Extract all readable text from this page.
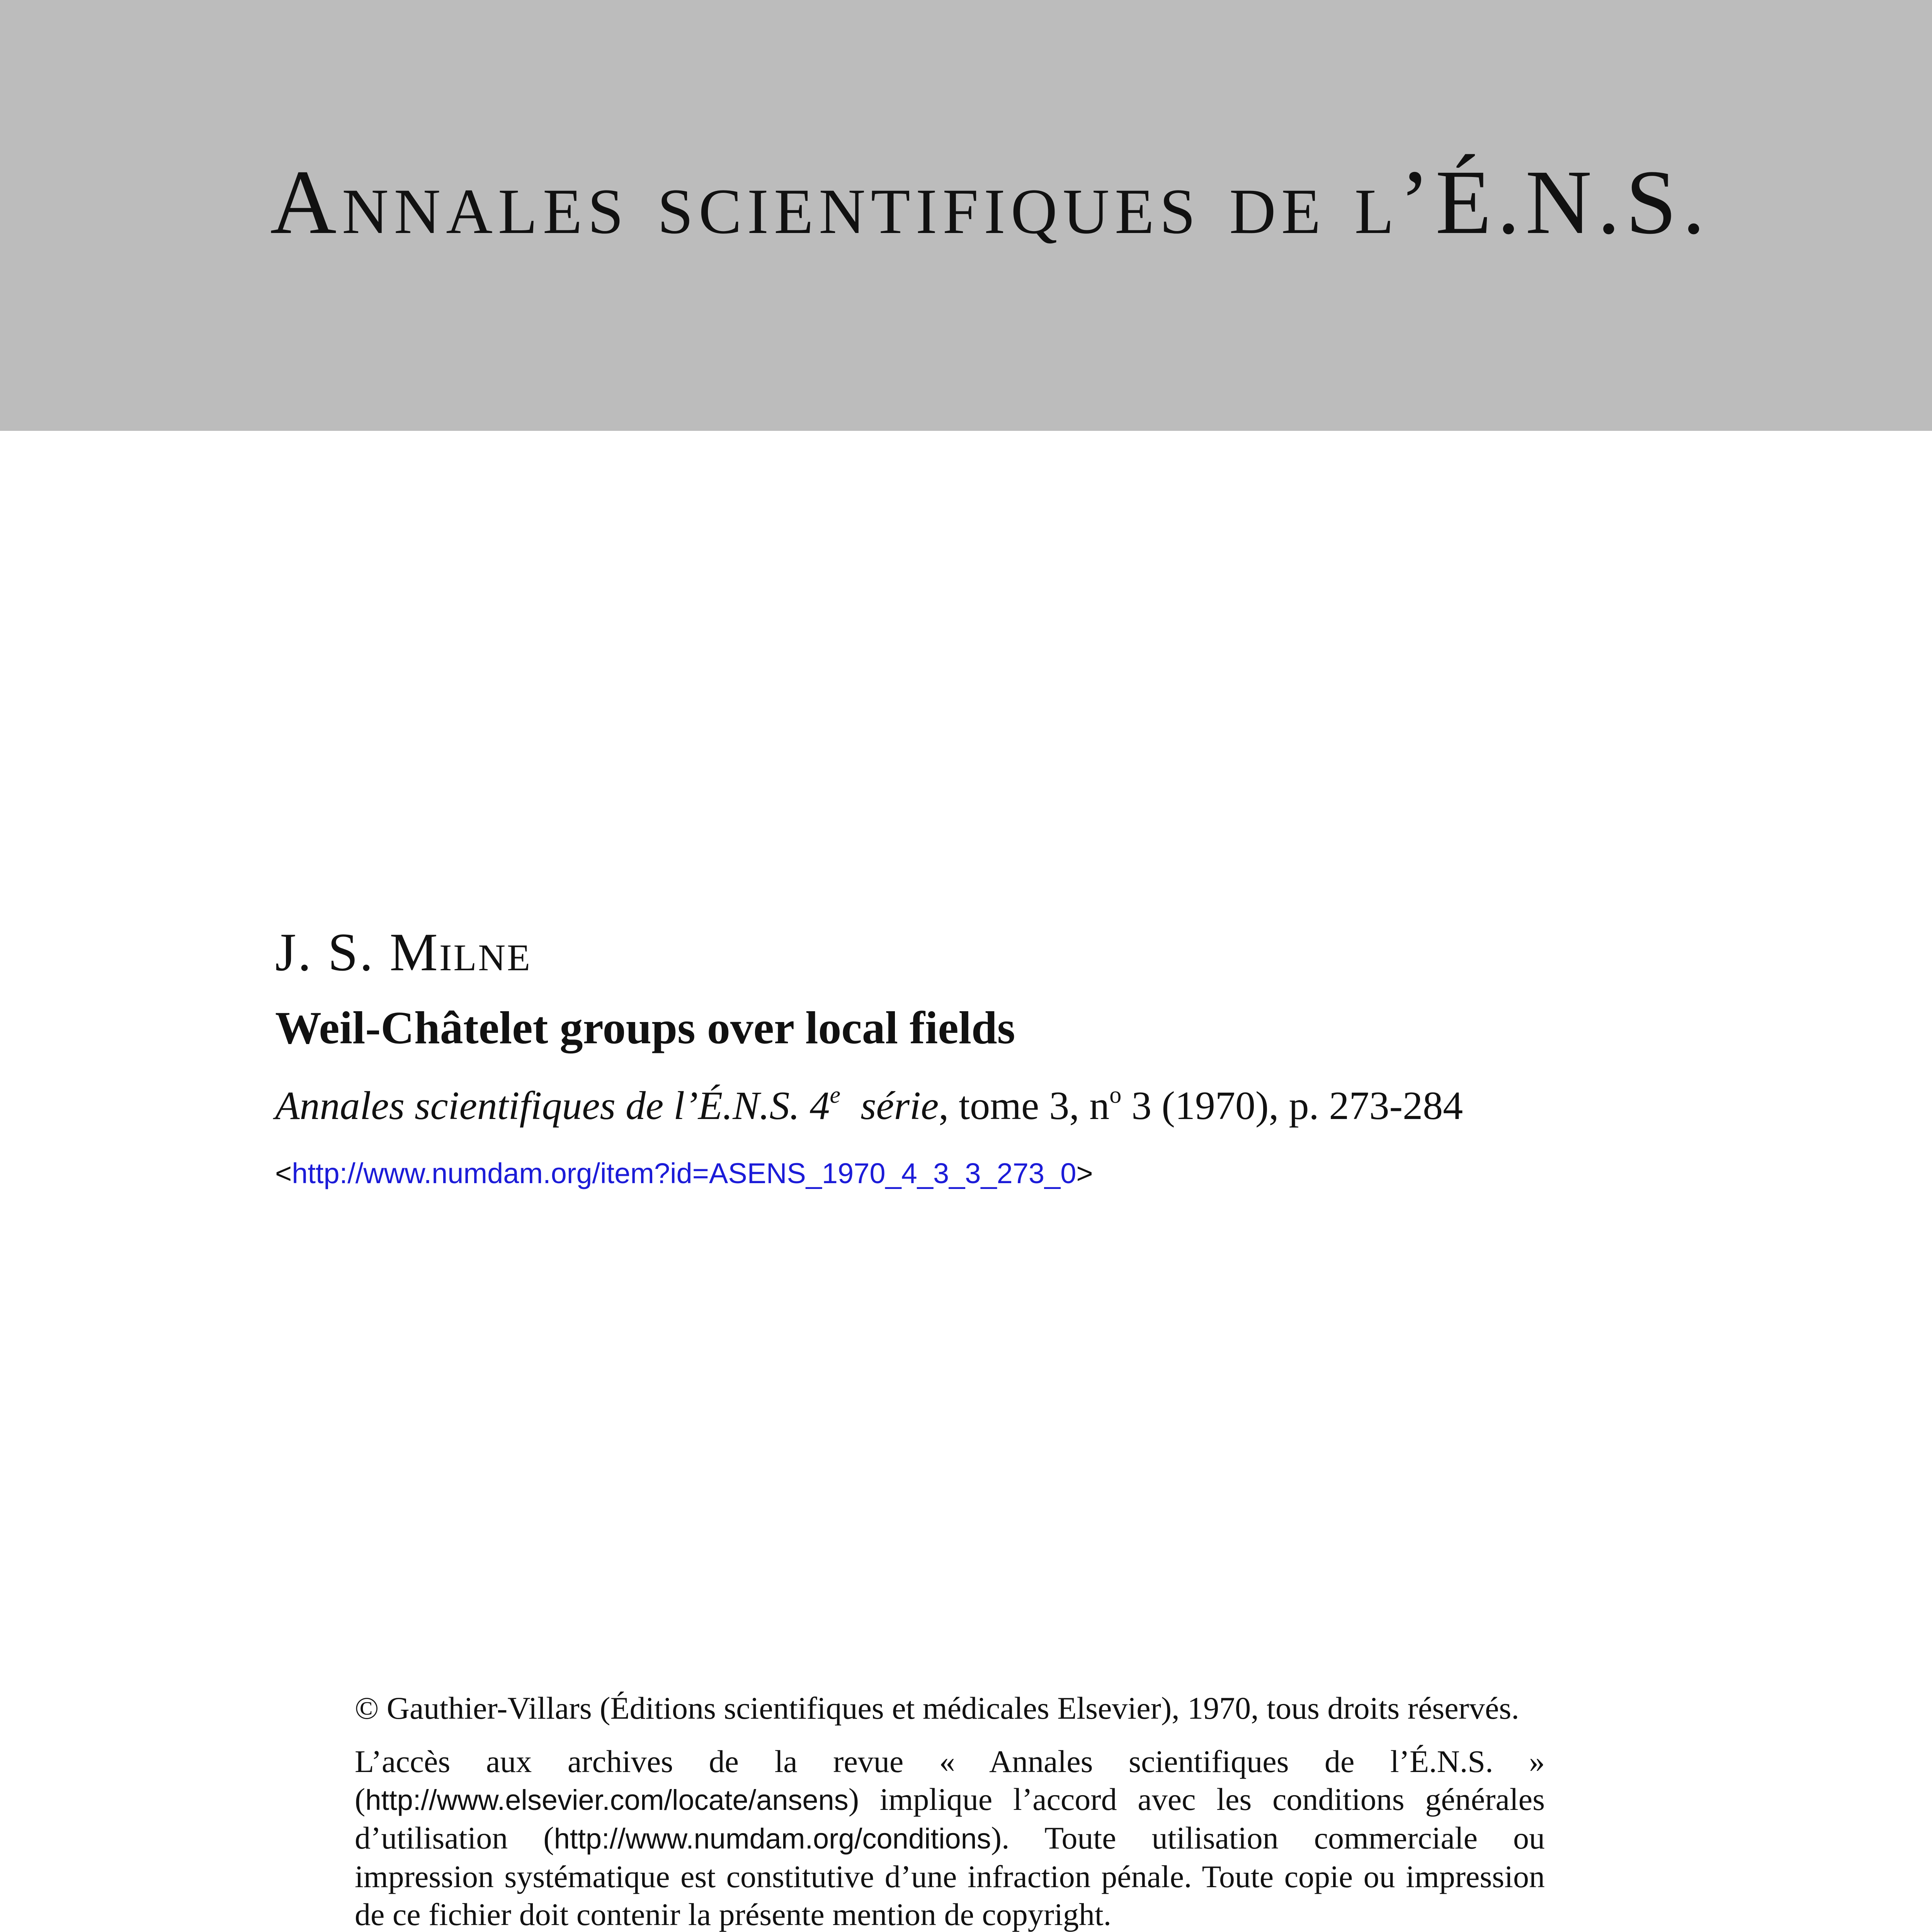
Annales scientifiques de l’É.N.S.
J. S. Milne
Weil-Châtelet groups over local fields
Annales scientifiques de l’É.N.S. 4e série, tome 3, $n^o$ 3 (1970), p. 273-284
<http://www.numdam.org/item?id=ASENS_1970_4_3_3_273_0>
© Gauthier-Villars (Éditions scientifiques et médicales Elsevier), 1970, tous droits réservés.
L’accès aux archives de la revue « Annales scientifiques de l’É.N.S. » (http://www.elsevier.com/locate/ansens) implique l’accord avec les conditions générales d’utilisation (http://www.numdam.org/conditions). Toute utilisation commerciale ou impression systématique est constitutive d’une infraction pénale. Toute copie ou impression de ce fichier doit contenir la présente mention de copyright.
